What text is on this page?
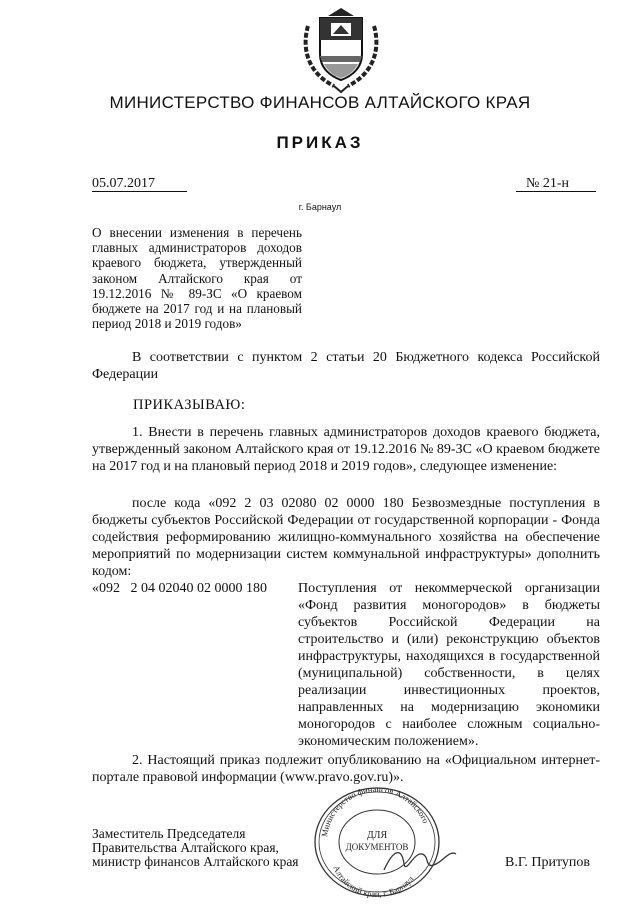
МИНИСТЕРСТВО ФИНАНСОВ АЛТАЙСКОГО КРАЯ
ПРИКАЗ
05.07.2017	№ 21-н
г. Барнаул
О внесении изменения в перечень главных администраторов доходов краевого бюджета, утвержденный законом Алтайского края от 19.12.2016 № 89-ЗС «О краевом бюджете на 2017 год и на плановый период 2018 и 2019 годов»
В соответствии с пунктом 2 статьи 20 Бюджетного кодекса Российской Федерации
ПРИКАЗЫВАЮ:
1. Внести в перечень главных администраторов доходов краевого бюджета, утвержденный законом Алтайского края от 19.12.2016 № 89-ЗС «О краевом бюджете на 2017 год и на плановый период 2018 и 2019 годов», следующее изменение:
после кода «092 2 03 02080 02 0000 180 Безвозмездные поступления в бюджеты субъектов Российской Федерации от государственной корпорации - Фонда содействия реформированию жилищно-коммунального хозяйства на обеспечение мероприятий по модернизации систем коммунальной инфраструктуры» дополнить кодом:
«092   2 04 02040 02 0000 180	Поступления от некоммерческой организации «Фонд развития моногородов» в бюджеты субъектов Российской Федерации на строительство и (или) реконструкцию объектов инфраструктуры, находящихся в государственной (муниципальной) собственности, в целях реализации инвестиционных проектов, направленных на модернизацию экономики моногородов с наиболее сложным социально-экономическим положением».
2. Настоящий приказ подлежит опубликованию на «Официальном интернет-портале правовой информации (www.pravo.gov.ru)».
Заместитель Председателя
Правительства Алтайского края,
министр финансов Алтайского края
Министерство финансов Алтайского
Алтайский край, г. Барнаул
ДЛЯ
ДОКУМЕНТОВ
В.Г. Притупов
